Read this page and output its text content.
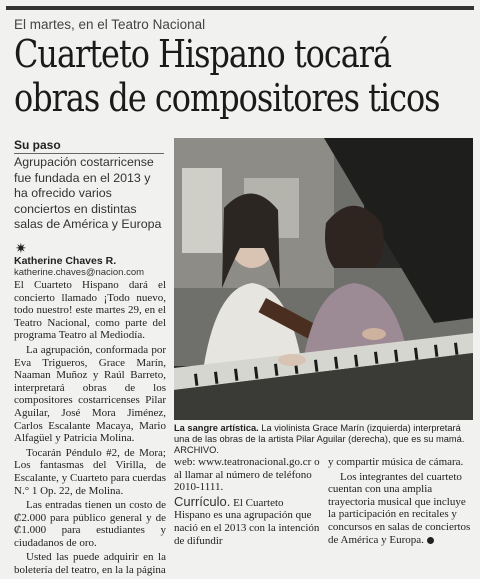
El martes, en el Teatro Nacional
Cuarteto Hispano tocará
obras de compositores ticos
Su paso
Agrupación costarricense fue fundada en el 2013 y ha ofrecido varios conciertos en distintas salas de América y Europa
✷
Katherine Chaves R.
katherine.chaves@nacion.com

El Cuarteto Hispano dará el concierto llamado ¡Todo nuevo, todo nuestro! este martes 29, en el Teatro Nacional, como parte del programa Teatro al Mediodía.

La agrupación, conformada por Eva Trigueros, Grace Marín, Naaman Muñoz y Raúl Barreto, interpretará obras de los compositores costarricenses Pilar Aguilar, José Mora Jiménez, Carlos Escalante Macaya, Mario Alfagüel y Patricia Molina.

Tocarán Péndulo #2, de Mora; Los fantasmas del Virilla, de Escalante, y Cuarteto para cuerdas N.° 1 Op. 22, de Molina.

Las entradas tienen un costo de ₡2.000 para público general y de ₡1.000 para estudiantes y ciudadanos de oro.

Usted las puede adquirir en la boletería del teatro, en la la página

La sangre artística. La violinista Grace Marín (izquierda) interpretará una de las obras de la artista Pilar Aguilar (derecha), que es su mamá. ARCHIVO.

web: www.teatronacional.go.cr o al llamar al número de teléfono 2010-1111.

Currículo. El Cuarteto Hispano es una agrupación que nació en el 2013 con la intención de difundir

y compartir música de cámara.

Los integrantes del cuarteto cuentan con una amplia trayectoria musical que incluye la participación en recitales y concursos en salas de conciertos de América y Europa.
